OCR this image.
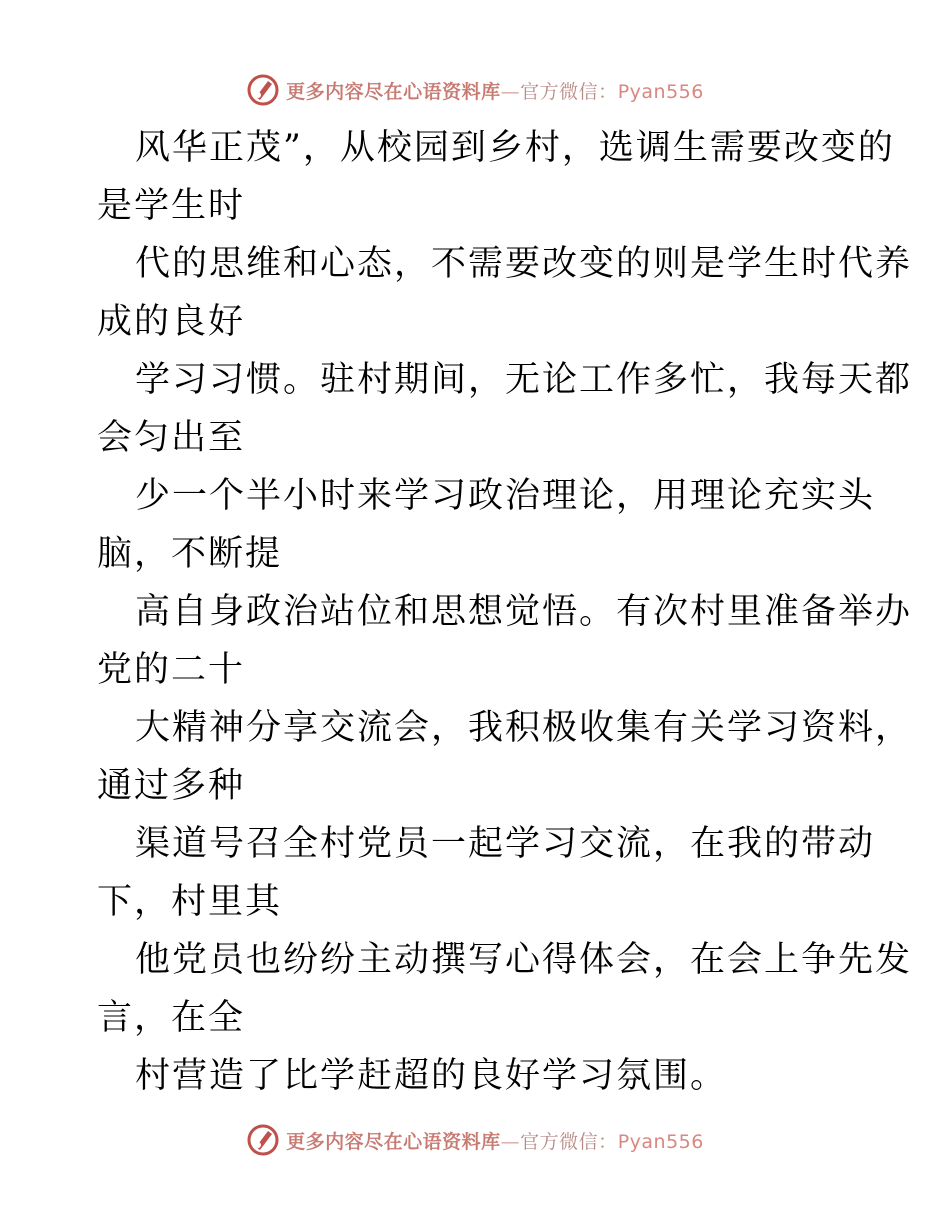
更多内容尽在心语资料库—官方微信：Pyan556
风华正茂”，从校园到乡村，选调生需要改变的
是学生时
代的思维和心态，不需要改变的则是学生时代养
成的良好
学习习惯。驻村期间，无论工作多忙，我每天都
会匀出至
少一个半小时来学习政治理论，用理论充实头
脑，不断提
高自身政治站位和思想觉悟。有次村里准备举办
党的二十
大精神分享交流会，我积极收集有关学习资料，
通过多种
渠道号召全村党员一起学习交流，在我的带动
下，村里其
他党员也纷纷主动撰写心得体会，在会上争先发
言，在全
村营造了比学赶超的良好学习氛围。
更多内容尽在心语资料库—官方微信：Pyan556
